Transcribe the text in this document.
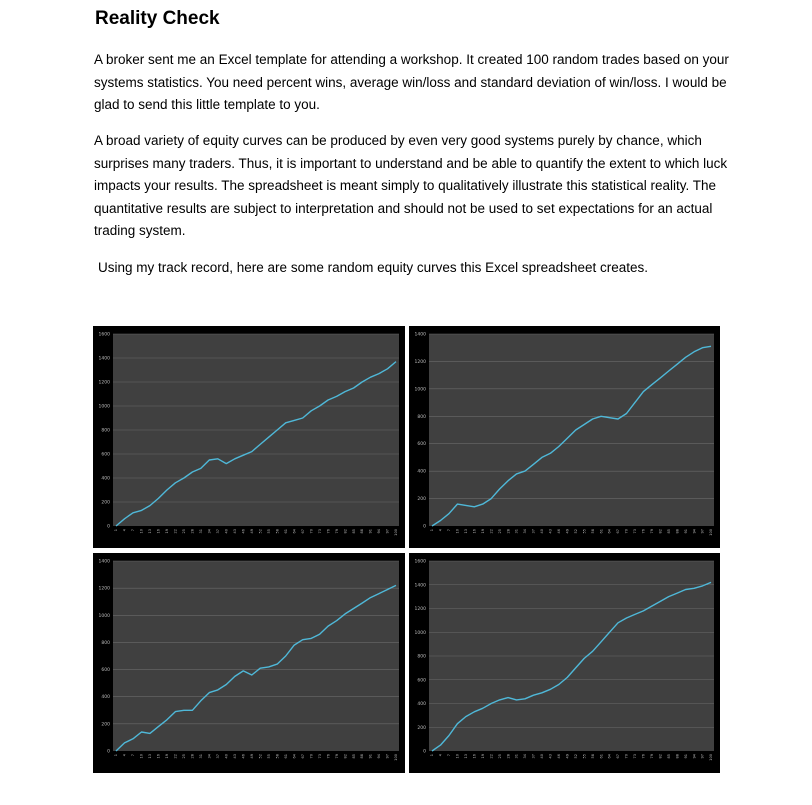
Reality Check

A broker sent me an Excel template for attending a workshop. It created 100 random trades based on your systems statistics. You need percent wins, average win/loss and standard deviation of win/loss. I would be glad to send this little template to you.

A broad variety of equity curves can be produced by even very good systems purely by chance, which surprises many traders. Thus, it is important to understand and be able to quantify the extent to which luck impacts your results. The spreadsheet is meant simply to qualitatively illustrate this statistical reality. The quantitative results are subject to interpretation and should not be used to set expectations for an actual trading system.

Using my track record, here are some random equity curves this Excel spreadsheet creates.

0
200
400
600
800
1000
1200
1400
1600
1 4 7 10 13 16 19 22 25 28 31 34 37 40 43 46 49 52 55 58 61 64 67 70 73 76 79 82 85 88 91 94 97 100
0
200
400
600
800
1000
1200
1400
1 4 7 10 13 16 19 22 25 28 31 34 37 40 43 46 49 52 55 58 61 64 67 70 73 76 79 82 85 88 91 94 97 100
0
200
400
600
800
1000
1200
1400
1 4 7 10 13 16 19 22 25 28 31 34 37 40 43 46 49 52 55 58 61 64 67 70 73 76 79 82 85 88 91 94 97 100
0
200
400
600
800
1000
1200
1400
1600
1 4 7 10 13 16 19 22 25 28 31 34 37 40 43 46 49 52 55 58 61 64 67 70 73 76 79 82 85 88 91 94 97 100
